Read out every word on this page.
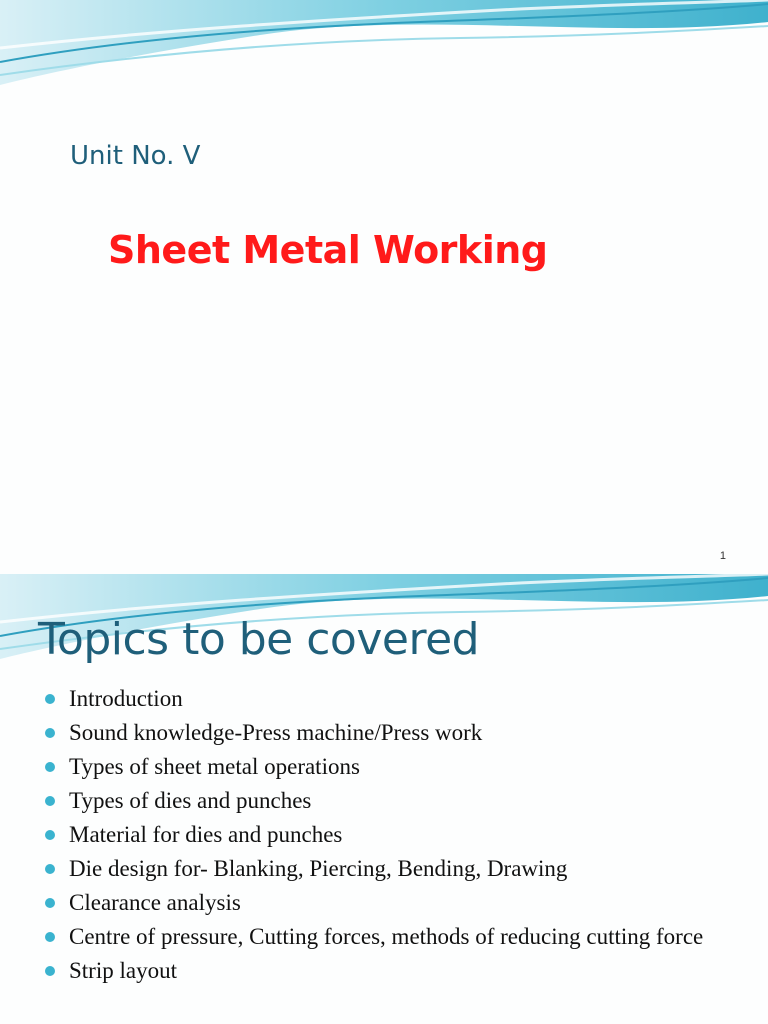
Unit No. V
Sheet Metal Working
1
Topics to be covered
Introduction
Sound knowledge-Press machine/Press work
Types of sheet metal operations
Types of dies and punches
Material for dies and punches
Die design for- Blanking, Piercing, Bending, Drawing
Clearance analysis
Centre of pressure, Cutting forces, methods of reducing cutting force
Strip layout
